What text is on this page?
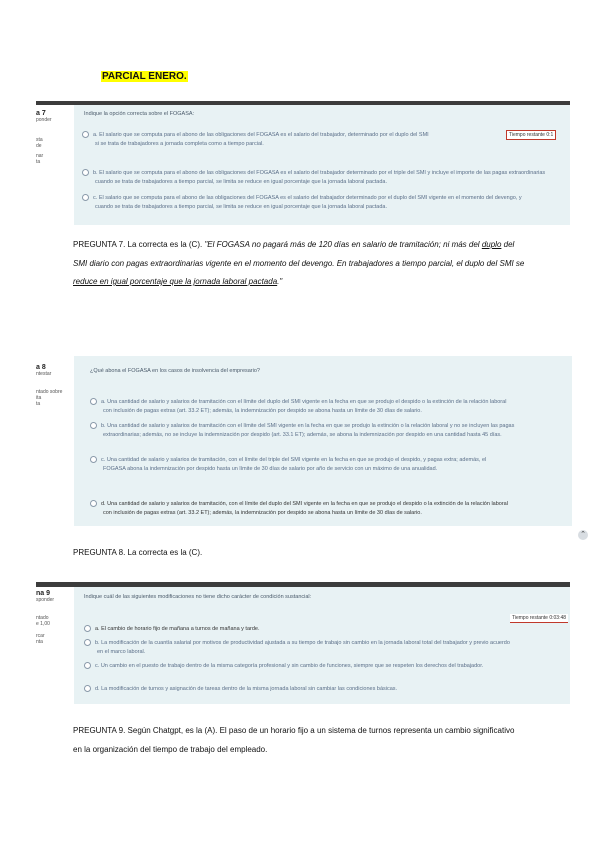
PARCIAL ENERO.
a 7
ponder
sta
de
nar
ta
Indique la opción correcta sobre el FOGASA:
Tiempo restante 0:1
a. El salario que se computa para el abono de las obligaciones del FOGASA es el salario del trabajador, determinado por el duplo del SMI
si se trata de trabajadores a jornada completa como a tiempo parcial.
b. El salario que se computa para el abono de las obligaciones del FOGASA es el salario del trabajador determinado por el triple del SMI y incluye el importe de las pagas extraordinarias
cuando se trata de trabajadores a tiempo parcial, se limita se reduce en igual porcentaje que la jornada laboral pactada.
c. El salario que se computa para el abono de las obligaciones del FOGASA es el salario del trabajador determinado por el duplo del SMI vigente en el momento del devengo, y
cuando se trata de trabajadores a tiempo parcial, se limita se reduce en igual porcentaje que la jornada laboral pactada.
PREGUNTA 7. La correcta es la (C). "El FOGASA no pagará más de 120 días en salario de tramitación; ni más del duplo del SMI diario con pagas extraordinarias vigente en el momento del devengo. En trabajadores a tiempo parcial, el duplo del SMI se reduce en igual porcentaje que la jornada laboral pactada."
a 8
ntestar
ntado sobre
ita
ta
¿Qué abona el FOGASA en los casos de insolvencia del empresario?
a. Una cantidad de salario y salarios de tramitación con el límite del duplo del SMI vigente en la fecha en que se produjo el despido o la extinción de la relación laboral
con inclusión de pagas extras (art. 33.2 ET); además, la indemnización por despido se abona hasta un límite de 30 días de salario.
b. Una cantidad de salario y salarios de tramitación con el límite del SMI vigente en la fecha en que se produjo la extinción o la relación laboral y no se incluyen las pagas
extraordinarias; además, no se incluye la indemnización por despido (art. 33.1 ET); además, se abona la indemnización por despido en una cantidad hasta 45 días.
c. Una cantidad de salario y salarios de tramitación, con el límite del triple del SMI vigente en la fecha en que se produjo el despido, y pagas extra; además, el
FOGASA abona la indemnización por despido hasta un límite de 30 días de salario por año de servicio con un máximo de una anualidad.
d. Una cantidad de salario y salarios de tramitación, con el límite del duplo del SMI vigente en la fecha en que se produjo el despido o la extinción de la relación laboral
con inclusión de pagas extras (art. 33.2 ET); además, la indemnización por despido se abona hasta un límite de 30 días de salario.
⌃
PREGUNTA 8. La correcta es la (C).
na 9
sponder
ntado
e 1,00
rcar
nta
Indique cuál de las siguientes modificaciones no tiene dicho carácter de condición sustancial:
Tiempo restante 0:03:48
a. El cambio de horario fijo de mañana a turnos de mañana y tarde.
b. La modificación de la cuantía salarial por motivos de productividad ajustada a su tiempo de trabajo sin cambio en la jornada laboral total del trabajador y previo acuerdo
en el marco laboral.
c. Un cambio en el puesto de trabajo dentro de la misma categoría profesional y sin cambio de funciones, siempre que se respeten los derechos del trabajador.
d. La modificación de turnos y asignación de tareas dentro de la misma jornada laboral sin cambiar las condiciones básicas.
PREGUNTA 9. Según Chatgpt, es la (A). El paso de un horario fijo a un sistema de turnos representa un cambio significativo en la organización del tiempo de trabajo del empleado.
